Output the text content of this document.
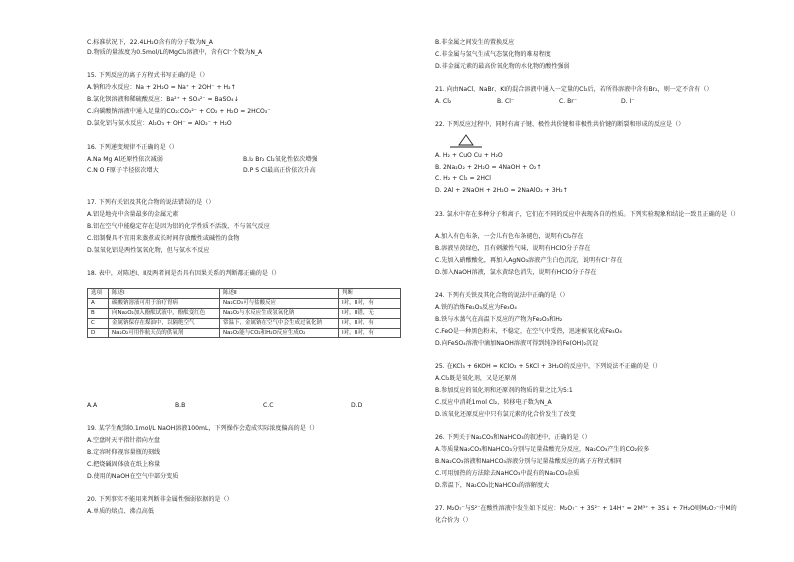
C.标准状况下，22.4LH₂O含有的分子数为N_A
D.物质的量浓度为0.5mol/L的MgCl₂溶液中，含有Cl⁻个数为N_A
15. 下列反应的离子方程式书写正确的是（）
A.钠和冷水反应：Na + 2H₂O = Na⁺ + 2OH⁻ + H₂↑
B.氯化钡溶液和稀硫酸反应：Ba²⁺ + SO₄²⁻ = BaSO₄↓
C.向碳酸钠溶液中通入足量的CO₂:CO₃²⁻ + CO₂ + H₂O = 2HCO₃⁻
D.氯化铝与氨水反应：Al₂O₃ + OH⁻ = AlO₂⁻ + H₂O
16. 下列递变规律不正确的是（）
A.Na Mg Al还原性依次减弱	B.I₂ Br₂ Cl₂氧化性依次增强
C.N O F原子半径依次增大	D.P S Cl最高正价依次升高
17. 下列有关铝及其化合物的说法错误的是（）
A.铝是地壳中含量最多的金属元素
B.铝在空气中能稳定存在是因为铝的化学性质不活泼，不与氧气反应
C.铝制餐具不宜用来蒸煮或长时间存放酸性或碱性的食物
D.氢氧化铝是两性氢氧化物，但与氨水不反应
18. 表中，对陈述Ⅰ、Ⅱ及两者间是否具有因果关系的判断都正确的是（）
选项	陈述Ⅰ	陈述Ⅱ	判断
A	碳酸钠溶液可用于治疗胃病	Na₂CO₃可与盐酸反应	Ⅰ对，Ⅱ对，有
B	向Na₂O₂加入酚酞试液中，酚酞变红色	Na₂O₂与水反应生成氢氧化钠	Ⅰ对，Ⅱ错，无
C	金属钠保存在煤油中，以隔绝空气	常温下，金属钠在空气中会生成过氧化钠	Ⅰ对，Ⅱ对，有
D	Na₂O₂可用作航天员的供氧剂	Na₂O₂能与CO₂和H₂O反应生成O₂	Ⅰ对，Ⅱ对，有
A.A	B.B	C.C	D.D
19. 某学生配制0.1mol/L NaOH溶液100mL，下列操作会造成实际浓度偏高的是（）
A.空盘时天平指针指向左盘
B.定容时仰视容量瓶的刻线
C.把烧碱固体放在纸上称量
D.使用的NaOH在空气中部分变质
20. 下列事实不能用来判断非金属性强弱依据的是（）
A.单质的熔点、沸点高低
B.非金属之间发生的置换反应
C.非金属与氢气生成气态氢化物的难易程度
D.非金属元素的最高价氧化物的水化物的酸性强弱
21. 向由NaCl、NaBr、KI的混合溶液中通入一定量的Cl₂后，若所得溶液中含有Br₂，则一定不含有（）
A. Cl₂	B. Cl⁻	C. Br⁻	D. I⁻
22. 下列反应过程中，同时有离子键、极性共价键和非极性共价键的断裂和形成的反应是（）
A. H₂ + CuO Cu + H₂O
B. 2Na₂O₂ + 2H₂O = 4NaOH + O₂↑
C. H₂ + Cl₂ = 2HCl
D. 2Al + 2NaOH + 2H₂O = 2NaAlO₂ + 3H₂↑
23. 氯水中存在多种分子和离子，它们在不同的反应中表现各自的性质。下列实验现象和结论一致且正确的是（）
A.加入有色布条，一会儿有色布条褪色，说明有Cl₂存在
B.溶液呈黄绿色，且有刺激性气味，说明有HClO分子存在
C.先加入硝酸酸化，再加入AgNO₃溶液产生白色沉淀，说明有Cl⁻存在
D.加入NaOH溶液，氯水黄绿色消失，说明有HClO分子存在
24. 下列有关铁及其化合物的说法中正确的是（）
A.铁的冶炼Fe₂O₃反应为Fe₃O₄
B.铁与水蒸气在高温下反应的产物为Fe₂O₃和H₂
C.FeO是一种黑色粉末，不稳定，在空气中受热，迅速被氧化成Fe₃O₄
D.向FeSO₄溶液中滴加NaOH溶液可得到纯净的Fe(OH)₂沉淀
25. 在KCl₃ + 6KOH = KClO₃ + 5KCl + 3H₂O的反应中，下列说法不正确的是（）
A.Cl₂既是氧化剂，又是还原剂
B.参加反应的氧化剂和还原剂的物质的量之比为5:1
C.反应中消耗1mol Cl₂，转移电子数为N_A
D.该氧化还原反应中只有氯元素的化合价发生了改变
26. 下列关于Na₂CO₃和NaHCO₃的叙述中，正确的是（）
A.等质量Na₂CO₃和NaHCO₃分别与足量盐酸充分反应，Na₂CO₃产生的CO₂较多
B.Na₂CO₃溶液和NaHCO₃溶液分别与足量盐酸反应的离子方程式相同
C.可用加热的方法除去NaHCO₃中混有的Na₂CO₃杂质
D.常温下，Na₂CO₃比NaHCO₃的溶解度大
27. M₂O₇⁻与S²⁻在酸性溶液中发生如下反应：M₂O₇⁻ + 3S²⁻ + 14H⁺ = 2M³⁺ + 3S↓ + 7H₂O则M₂O₇⁻中M的
化合价为（）
